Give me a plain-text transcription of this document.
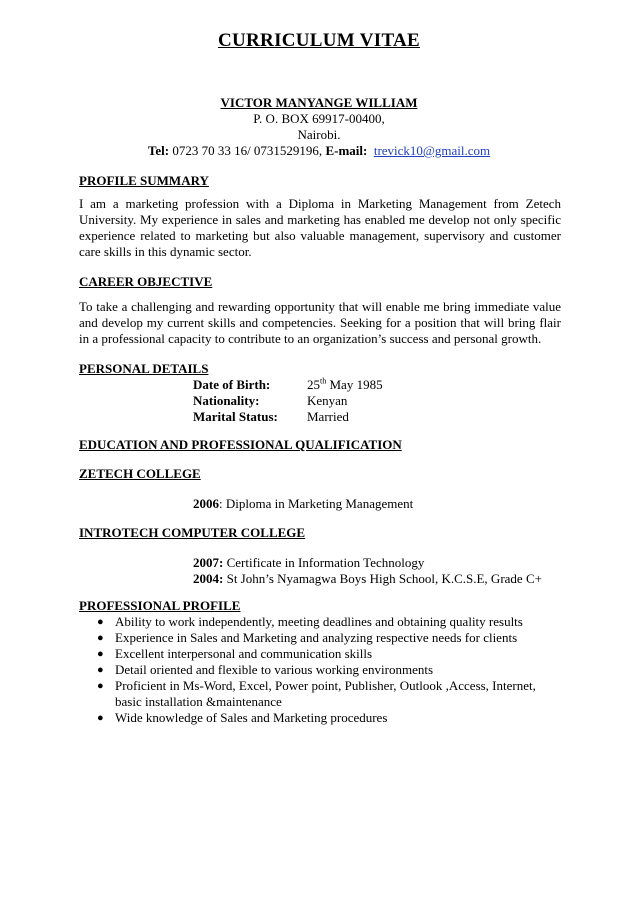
CURRICULUM VITAE
VICTOR MANYANGE WILLIAM
P. O. BOX 69917-00400,
Nairobi.
Tel: 0723 70 33 16/ 0731529196, E-mail: trevick10@gmail.com
PROFILE SUMMARY
I am a marketing profession with a Diploma in Marketing Management from Zetech University. My experience in sales and marketing has enabled me develop not only specific experience related to marketing but also valuable management, supervisory and customer care skills in this dynamic sector.
CAREER OBJECTIVE
To take a challenging and rewarding opportunity that will enable me bring immediate value and develop my current skills and competencies. Seeking for a position that will bring flair in a professional capacity to contribute to an organization’s success and personal growth.
PERSONAL DETAILS
Date of Birth:	25th May 1985
Nationality:	Kenyan
Marital Status: Married
EDUCATION AND PROFESSIONAL QUALIFICATION
ZETECH COLLEGE
2006: Diploma in Marketing Management
INTROTECH COMPUTER COLLEGE
2007: Certificate in Information Technology
2004: St John’s Nyamagwa Boys High School, K.C.S.E, Grade C+
PROFESSIONAL PROFILE
● Ability to work independently, meeting deadlines and obtaining quality results
● Experience in Sales and Marketing and analyzing respective needs for clients
● Excellent interpersonal and communication skills
● Detail oriented and flexible to various working environments
● Proficient in Ms-Word, Excel, Power point, Publisher, Outlook ,Access, Internet, basic installation &maintenance
● Wide knowledge of Sales and Marketing procedures
